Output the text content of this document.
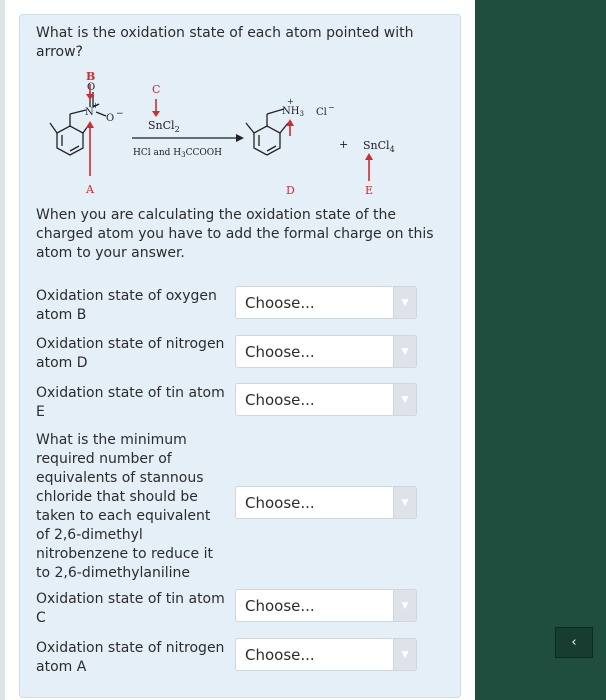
‹
What is the oxidation state of each atom pointed with arrow?
N
+
O
O −
B
A
C
SnCl$_2$
HCl and $H_3CCOOH$
$NH_3$
+
Cl −
D
+ SnCl$_4$
E
When you are calculating the oxidation state of the charged atom you have to add the formal charge on this atom to your answer.
Oxidation state of oxygen atom B
Choose...	▼
Oxidation state of nitrogen atom D
Choose...	▼
Oxidation state of tin atom E
Choose...	▼
What is the minimum required number of equivalents of stannous chloride that should be taken to each equivalent of 2,6-dimethyl nitrobenzene to reduce it to 2,6-dimethylaniline
Choose...	▼
Oxidation state of tin atom C
Choose...	▼
Oxidation state of nitrogen atom A
Choose...	▼
